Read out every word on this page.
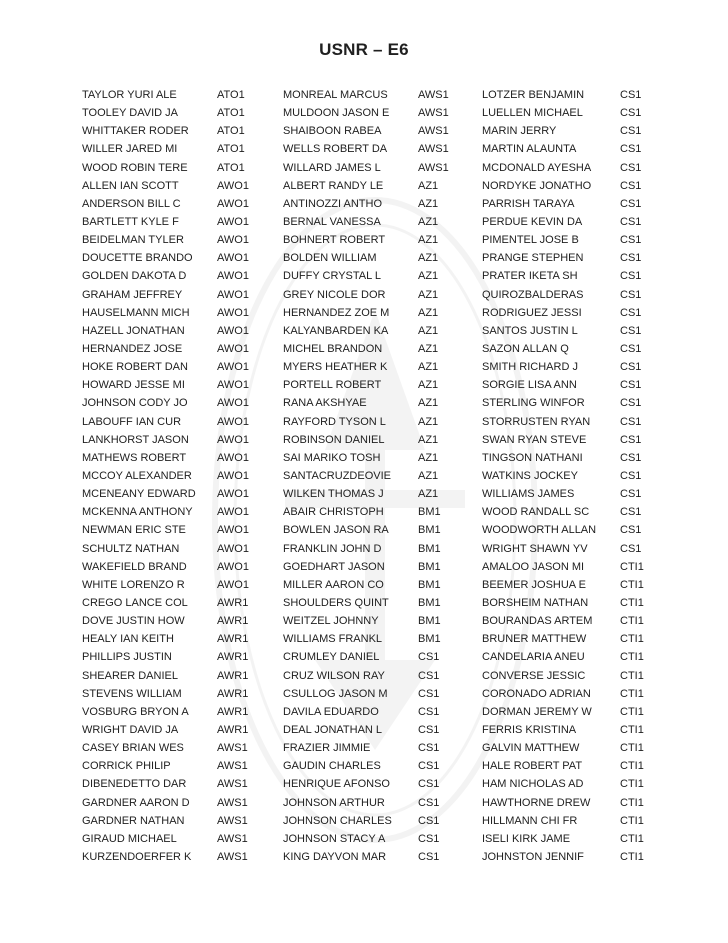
USNR – E6
TAYLOR YURI ALE	ATO1	MONREAL MARCUS	AWS1	LOTZER BENJAMIN	CS1
TOOLEY DAVID JA	ATO1	MULDOON JASON E	AWS1	LUELLEN MICHAEL	CS1
WHITTAKER RODER	ATO1	SHAIBOON RABEA	AWS1	MARIN JERRY	CS1
WILLER JARED MI	ATO1	WELLS ROBERT DA	AWS1	MARTIN ALAUNTA	CS1
WOOD ROBIN TERE	ATO1	WILLARD JAMES L	AWS1	MCDONALD AYESHA	CS1
ALLEN IAN SCOTT	AWO1	ALBERT RANDY LE	AZ1	NORDYKE JONATHO	CS1
ANDERSON BILL C	AWO1	ANTINOZZI ANTHO	AZ1	PARRISH TARAYA	CS1
BARTLETT KYLE F	AWO1	BERNAL VANESSA	AZ1	PERDUE KEVIN DA	CS1
BEIDELMAN TYLER	AWO1	BOHNERT ROBERT	AZ1	PIMENTEL JOSE B	CS1
DOUCETTE BRANDO	AWO1	BOLDEN WILLIAM	AZ1	PRANGE STEPHEN	CS1
GOLDEN DAKOTA D	AWO1	DUFFY CRYSTAL L	AZ1	PRATER IKETA SH	CS1
GRAHAM JEFFREY	AWO1	GREY NICOLE DOR	AZ1	QUIROZBALDERAS	CS1
HAUSELMANN MICH	AWO1	HERNANDEZ ZOE M	AZ1	RODRIGUEZ JESSI	CS1
HAZELL JONATHAN	AWO1	KALYANBARDEN KA	AZ1	SANTOS JUSTIN L	CS1
HERNANDEZ JOSE	AWO1	MICHEL BRANDON	AZ1	SAZON ALLAN Q	CS1
HOKE ROBERT DAN	AWO1	MYERS HEATHER K	AZ1	SMITH RICHARD J	CS1
HOWARD JESSE MI	AWO1	PORTELL ROBERT	AZ1	SORGIE LISA ANN	CS1
JOHNSON CODY JO	AWO1	RANA AKSHYAE	AZ1	STERLING WINFOR	CS1
LABOUFF IAN CUR	AWO1	RAYFORD TYSON L	AZ1	STORRUSTEN RYAN	CS1
LANKHORST JASON	AWO1	ROBINSON DANIEL	AZ1	SWAN RYAN STEVE	CS1
MATHEWS ROBERT	AWO1	SAI MARIKO TOSH	AZ1	TINGSON NATHANI	CS1
MCCOY ALEXANDER	AWO1	SANTACRUZDEOVIE	AZ1	WATKINS JOCKEY	CS1
MCENEANY EDWARD	AWO1	WILKEN THOMAS J	AZ1	WILLIAMS JAMES	CS1
MCKENNA ANTHONY	AWO1	ABAIR CHRISTOPH	BM1	WOOD RANDALL SC	CS1
NEWMAN ERIC STE	AWO1	BOWLEN JASON RA	BM1	WOODWORTH ALLAN	CS1
SCHULTZ NATHAN	AWO1	FRANKLIN JOHN D	BM1	WRIGHT SHAWN YV	CS1
WAKEFIELD BRAND	AWO1	GOEDHART JASON	BM1	AMALOO JASON MI	CTI1
WHITE LORENZO R	AWO1	MILLER AARON CO	BM1	BEEMER JOSHUA E	CTI1
CREGO LANCE COL	AWR1	SHOULDERS QUINT	BM1	BORSHEIM NATHAN	CTI1
DOVE JUSTIN HOW	AWR1	WEITZEL JOHNNY	BM1	BOURANDAS ARTEM	CTI1
HEALY IAN KEITH	AWR1	WILLIAMS FRANKL	BM1	BRUNER MATTHEW	CTI1
PHILLIPS JUSTIN	AWR1	CRUMLEY DANIEL	CS1	CANDELARIA ANEU	CTI1
SHEARER DANIEL	AWR1	CRUZ WILSON RAY	CS1	CONVERSE JESSIC	CTI1
STEVENS WILLIAM	AWR1	CSULLOG JASON M	CS1	CORONADO ADRIAN	CTI1
VOSBURG BRYON A	AWR1	DAVILA EDUARDO	CS1	DORMAN JEREMY W	CTI1
WRIGHT DAVID JA	AWR1	DEAL JONATHAN L	CS1	FERRIS KRISTINA	CTI1
CASEY BRIAN WES	AWS1	FRAZIER JIMMIE	CS1	GALVIN MATTHEW	CTI1
CORRICK PHILIP	AWS1	GAUDIN CHARLES	CS1	HALE ROBERT PAT	CTI1
DIBENEDETTO DAR	AWS1	HENRIQUE AFONSO	CS1	HAM NICHOLAS AD	CTI1
GARDNER AARON D	AWS1	JOHNSON ARTHUR	CS1	HAWTHORNE DREW	CTI1
GARDNER NATHAN	AWS1	JOHNSON CHARLES	CS1	HILLMANN CHI FR	CTI1
GIRAUD MICHAEL	AWS1	JOHNSON STACY A	CS1	ISELI KIRK JAME	CTI1
KURZENDOERFER K	AWS1	KING DAYVON MAR	CS1	JOHNSTON JENNIF	CTI1
